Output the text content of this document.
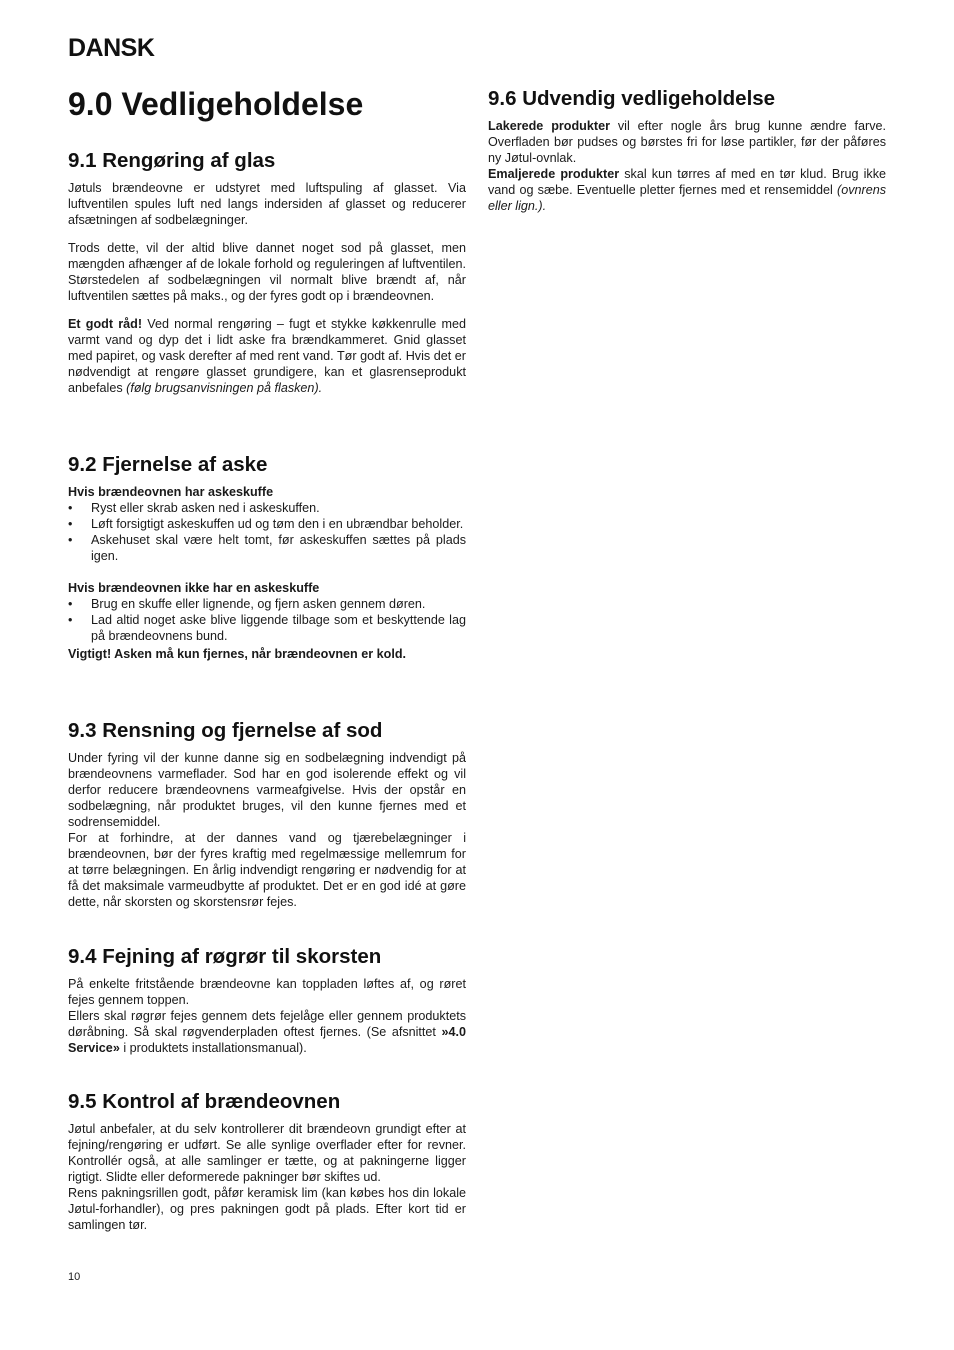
DANSK
9.0 Vedligeholdelse
9.1 Rengøring af glas

Jøtuls brændeovne er udstyret med luftspuling af glasset. Via luftventilen spules luft ned langs indersiden af glasset og reducerer afsætningen af sodbelægninger.

Trods dette, vil der altid blive dannet noget sod på glasset, men mængden afhænger af de lokale forhold og reguleringen af luftventilen. Størstedelen af sodbelægningen vil normalt blive brændt af, når luftventilen sættes på maks., og der fyres godt op i brændeovnen.

Et godt råd! Ved normal rengøring – fugt et stykke køkkenrulle med varmt vand og dyp det i lidt aske fra brændkammeret. Gnid glasset med papiret, og vask derefter af med rent vand. Tør godt af. Hvis det er nødvendigt at rengøre glasset grundigere, kan et glasrenseprodukt anbefales (følg brugsanvisningen på flasken).

9.2 Fjernelse af aske

Hvis brændeovnen har askeskuffe

• Ryst eller skrab asken ned i askeskuffen.
• Løft forsigtigt askeskuffen ud og tøm den i en ubrændbar beholder.
• Askehuset skal være helt tomt, før askeskuffen sættes på plads igen.

Hvis brændeovnen ikke har en askeskuffe

• Brug en skuffe eller lignende, og fjern asken gennem døren.
• Lad altid noget aske blive liggende tilbage som et beskyttende lag på brændeovnens bund.

Vigtigt! Asken må kun fjernes, når brændeovnen er kold.

9.3 Rensning og fjernelse af sod

Under fyring vil der kunne danne sig en sodbelægning indvendigt på brændeovnens varmeflader. Sod har en god isolerende effekt og vil derfor reducere brændeovnens varmeafgivelse. Hvis der opstår en sodbelægning, når produktet bruges, vil den kunne fjernes med et sodrensemiddel.

For at forhindre, at der dannes vand og tjærebelægninger i brændeovnen, bør der fyres kraftig med regelmæssige mellemrum for at tørre belægningen. En årlig indvendigt rengøring er nødvendig for at få det maksimale varmeudbytte af produktet. Det er en god idé at gøre dette, når skorsten og skorstensrør fejes.

9.4 Fejning af røgrør til skorsten

På enkelte fritstående brændeovne kan toppladen løftes af, og røret fejes gennem toppen.

Ellers skal røgrør fejes gennem dets fejelåge eller gennem produktets døråbning. Så skal røgvenderpladen oftest fjernes. (Se afsnittet »4.0 Service» i produktets installationsmanual).

9.5 Kontrol af brændeovnen

Jøtul anbefaler, at du selv kontrollerer dit brændeovn grundigt efter at fejning/rengøring er udført. Se alle synlige overflader efter for revner. Kontrollér også, at alle samlinger er tætte, og at pakningerne ligger rigtigt. Slidte eller deformerede pakninger bør skiftes ud.

Rens pakningsrillen godt, påfør keramisk lim (kan købes hos din lokale Jøtul-forhandler), og pres pakningen godt på plads. Efter kort tid er samlingen tør.

9.6 Udvendig vedligeholdelse

Lakerede produkter vil efter nogle års brug kunne ændre farve. Overfladen bør pudses og børstes fri for løse partikler, før der påføres ny Jøtul-ovnlak.

Emaljerede produkter skal kun tørres af med en tør klud. Brug ikke vand og sæbe. Eventuelle pletter fjernes med et rensemiddel (ovnrens eller lign.).

10
